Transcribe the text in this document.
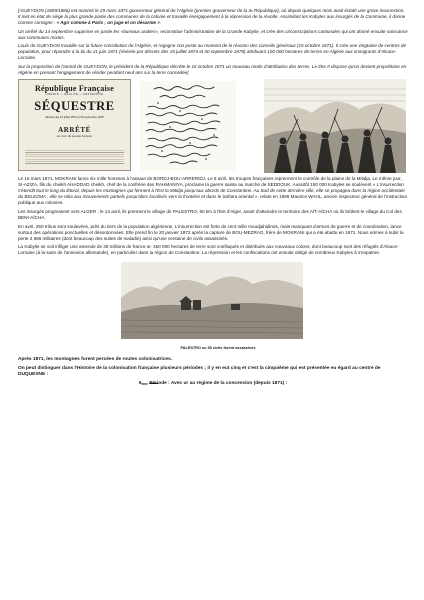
[*GUEYDON (1809/1886) est nommé le 29 mars 1871 gouverneur général de l'Algérie (premier gouverneur de la 3e République), où depuis quelques mois avait éclaté une grave insurrection. Il met en état de siège la plus grande partie des communes de la colonie et travaille énergiquement à la répression de la révolte. Assimilant les Kabyles aux insurgés de la Commune, il donne comme consigne : « Agir comme à Paris ; on juge et on désarme ».

Un arrêté du 14 septembre supprime en partie les «bureaux arabes», reconstitue l'administration de la Grande Kabylie, et crée des circonscriptions cantonales qui ont donné ensuite naissance aux communes mixtes.

Louis de GUEYDON travaille sur la future constitution de l'Algérie, et regagne son poste au moment de la réunion des conseils généraux (15 octobre 1871). Il crée une vingtaine de centres de population, pour répondre à la loi du 21 juin 1871 (révisée par décrets des 15 juillet 1874 et 30 septembre 1878) attribuant 100 000 hectares de terres en Algérie aux immigrants d'Alsace-Lorraine.

Sur la proposition de l'amiral de GUEYDON, le président de la République décrète le 16 octobre 1871 un nouveau mode d'attribution des terres. Le titre II dispose qu'on devient propriétaire en Algérie en prenant l'engagement de résider pendant neuf ans sur la terre concédée]

République Française
LIBERTÉ — ÉGALITÉ — FRATERNITÉ
SÉQUESTRE
décrets des 15 juillet 1874 et 30 septembre 1878
ARRÊTÉ
Au nom du peuple français

Le 16 mars 1871, MOKRANI lance six mille hommes à l'assaut de BORDJ-BOU-ARRERIDJ. Le 8 avril, les troupes françaises reprennent le contrôle de la plaine de la Mitidja. Le même jour, SI-AZIZA, fils du cheikh AHADDAD cheikh, chef de la confrérie des RAHMANIYA, proclame la guerre sainte au marché de SEDDOUK. Aussitôt 150 000 Kabyles se soulèvent « L'insurrection s'étendit tout le long du littoral, depuis les montagnes qui ferment à l'Est la Mitidja jusqu'aux abords de Constantine. Au Sud de cette dernière ville, elle se propagea dans la région occidentale du BELEZMA ; elle se relia aux mouvements partiels jusqu'alors localisés vers la frontière et dans le Sahara oriental », relate en 1896 Maurice WAHL, ancien inspecteur général de l'instruction publique aux colonies.

Les insurgés progressent vers ALGER : le 14 avril, ils prennent le village de PALESTRO, 60 km à l'Est d'Alger, avant d'atteindre le territoire des AÏT-AÏCHA où ils brûlent le village du Col des BENI-AÏCHA.

En avril, 250 tribus sont soulevées, près du tiers de la population algérienne. L'insurrection est forte de cent mille moudjahidines, mais manquant d'armes de guerre et de coordination, lance surtout des opérations ponctuelles et désordonnées. Elle prend fin le 20 janvier 1872 après la capture de BOU-MEZRAG, frère de MOKRANI qui a été abattu en 1871. Nous eûmes à subir la perte 2 686 militaires (dont beaucoup des suites de maladie) ainsi qu'une centaine de civils assassinés.

La Kabylie se voit infliger une amende de 36 millions de francs-or. 450 000 hectares de terre sont confisqués et distribués aux nouveaux colons, dont beaucoup sont des réfugiés d'Alsace-Lorraine (à la suite de l'annexion allemande), en particulier dans la région de Constantine. La répression et les confiscations ont ensuite obligé de nombreux Kabyles à s'expatrier.

PALESTRO ou 50 civils furent assassinés
Après 1871, les montagnes furent percées de routes colonisatrices.
On peut distinguer dans l'Histoire de la colonisation française plusieurs périodes ; il y en eut cinq et c'est la cinquième qui est présentée eu égard au centre de DUQUESNE :
5ème Période : Avec ur au régime de la concession (depuis 1871) :
